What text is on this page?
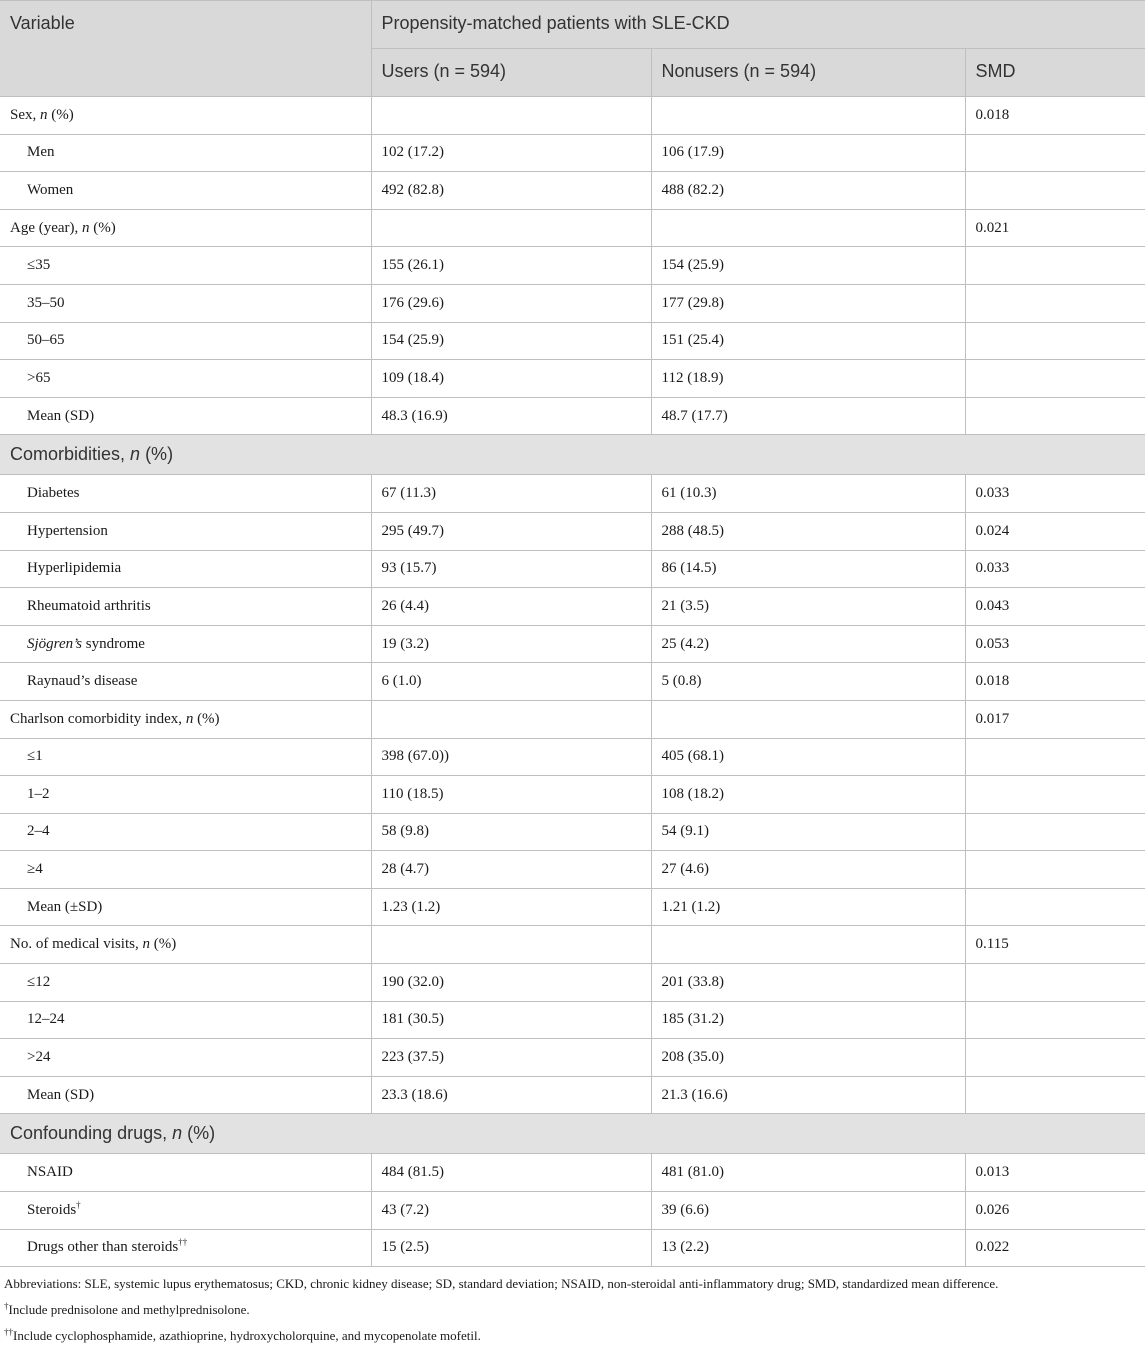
Variable	Propensity-matched patients with SLE-CKD		
	Users (n = 594)	Nonusers (n = 594)	SMD
Sex, n (%)			0.018
Men	102 (17.2)	106 (17.9)	
Women	492 (82.8)	488 (82.2)	
Age (year), n (%)			0.021
≤35	155 (26.1)	154 (25.9)	
35–50	176 (29.6)	177 (29.8)	
50–65	154 (25.9)	151 (25.4)	
>65	109 (18.4)	112 (18.9)	
Mean (SD)	48.3 (16.9)	48.7 (17.7)	
Comorbidities, n (%)			
Diabetes	67 (11.3)	61 (10.3)	0.033
Hypertension	295 (49.7)	288 (48.5)	0.024
Hyperlipidemia	93 (15.7)	86 (14.5)	0.033
Rheumatoid arthritis	26 (4.4)	21 (3.5)	0.043
Sjögren’s syndrome	19 (3.2)	25 (4.2)	0.053
Raynaud’s disease	6 (1.0)	5 (0.8)	0.018
Charlson comorbidity index, n (%)			0.017
≤1	398 (67.0))	405 (68.1)	
1–2	110 (18.5)	108 (18.2)	
2–4	58 (9.8)	54 (9.1)	
≥4	28 (4.7)	27 (4.6)	
Mean (±SD)	1.23 (1.2)	1.21 (1.2)	
No. of medical visits, n (%)			0.115
≤12	190 (32.0)	201 (33.8)	
12–24	181 (30.5)	185 (31.2)	
>24	223 (37.5)	208 (35.0)	
Mean (SD)	23.3 (18.6)	21.3 (16.6)	
Confounding drugs, n (%)			
NSAID	484 (81.5)	481 (81.0)	0.013
Steroids†	43 (7.2)	39 (6.6)	0.026
Drugs other than steroids††	15 (2.5)	13 (2.2)	0.022
Abbreviations: SLE, systemic lupus erythematosus; CKD, chronic kidney disease; SD, standard deviation; NSAID, non-steroidal anti-inflammatory drug; SMD, standardized mean difference.
†Include prednisolone and methylprednisolone.
††Include cyclophosphamide, azathioprine, hydroxycholorquine, and mycopenolate mofetil.
